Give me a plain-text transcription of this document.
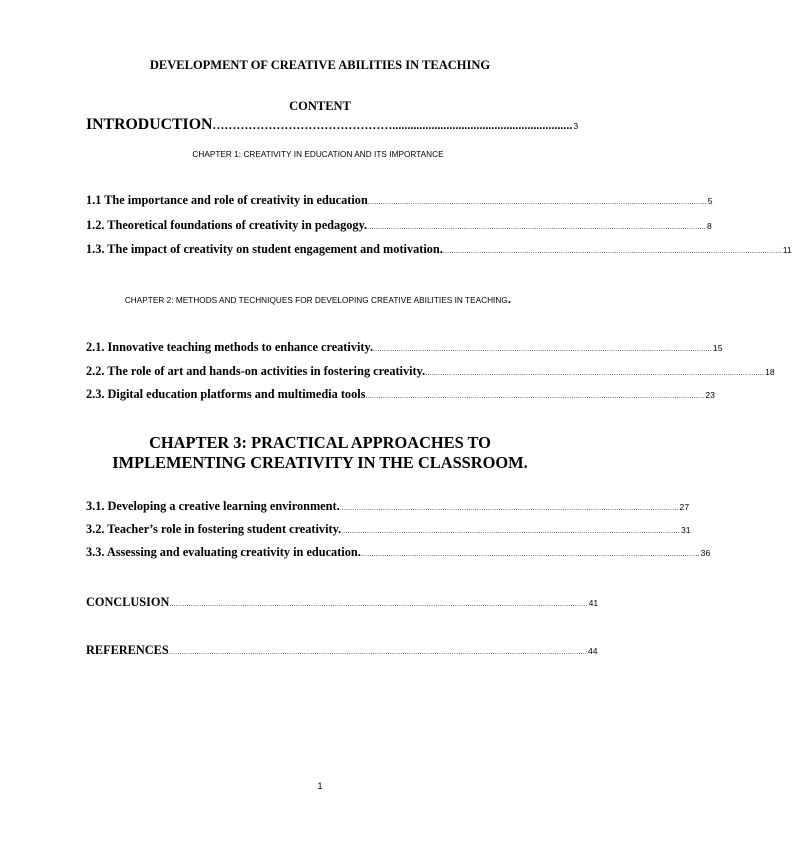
DEVELOPMENT OF CREATIVE ABILITIES IN TEACHING
CONTENT
INTRODUCTION ………………………………………............................................................ 3
CHAPTER 1: CREATIVITY IN EDUCATION AND ITS IMPORTANCE
1.1 The importance and role of creativity in education .............................................................................................................................................................. 5
1.2. Theoretical foundations of creativity in pedagogy. .............................................................................................................................................................. 8
1.3. The impact of creativity on student engagement and motivation. .............................................................................................................................................................. 11
CHAPTER 2: METHODS AND TECHNIQUES FOR DEVELOPING CREATIVE ABILITIES IN TEACHING.
2.1. Innovative teaching methods to enhance creativity. .............................................................................................................................................................. 15
2.2. The role of art and hands-on activities in fostering creativity. .............................................................................................................................................................. 18
2.3. Digital education platforms and multimedia tools .............................................................................................................................................................. 23
CHAPTER 3: PRACTICAL APPROACHES TO
IMPLEMENTING CREATIVITY IN THE CLASSROOM.
3.1. Developing a creative learning environment. .............................................................................................................................................................. 27
3.2. Teacher’s role in fostering student creativity. .............................................................................................................................................................. 31
3.3. Assessing and evaluating creativity in education. .............................................................................................................................................................. 36
CONCLUSION ................................................................................................................................................................................................... 41
REFERENCES ................................................................................................................................................................................................... 44
1
